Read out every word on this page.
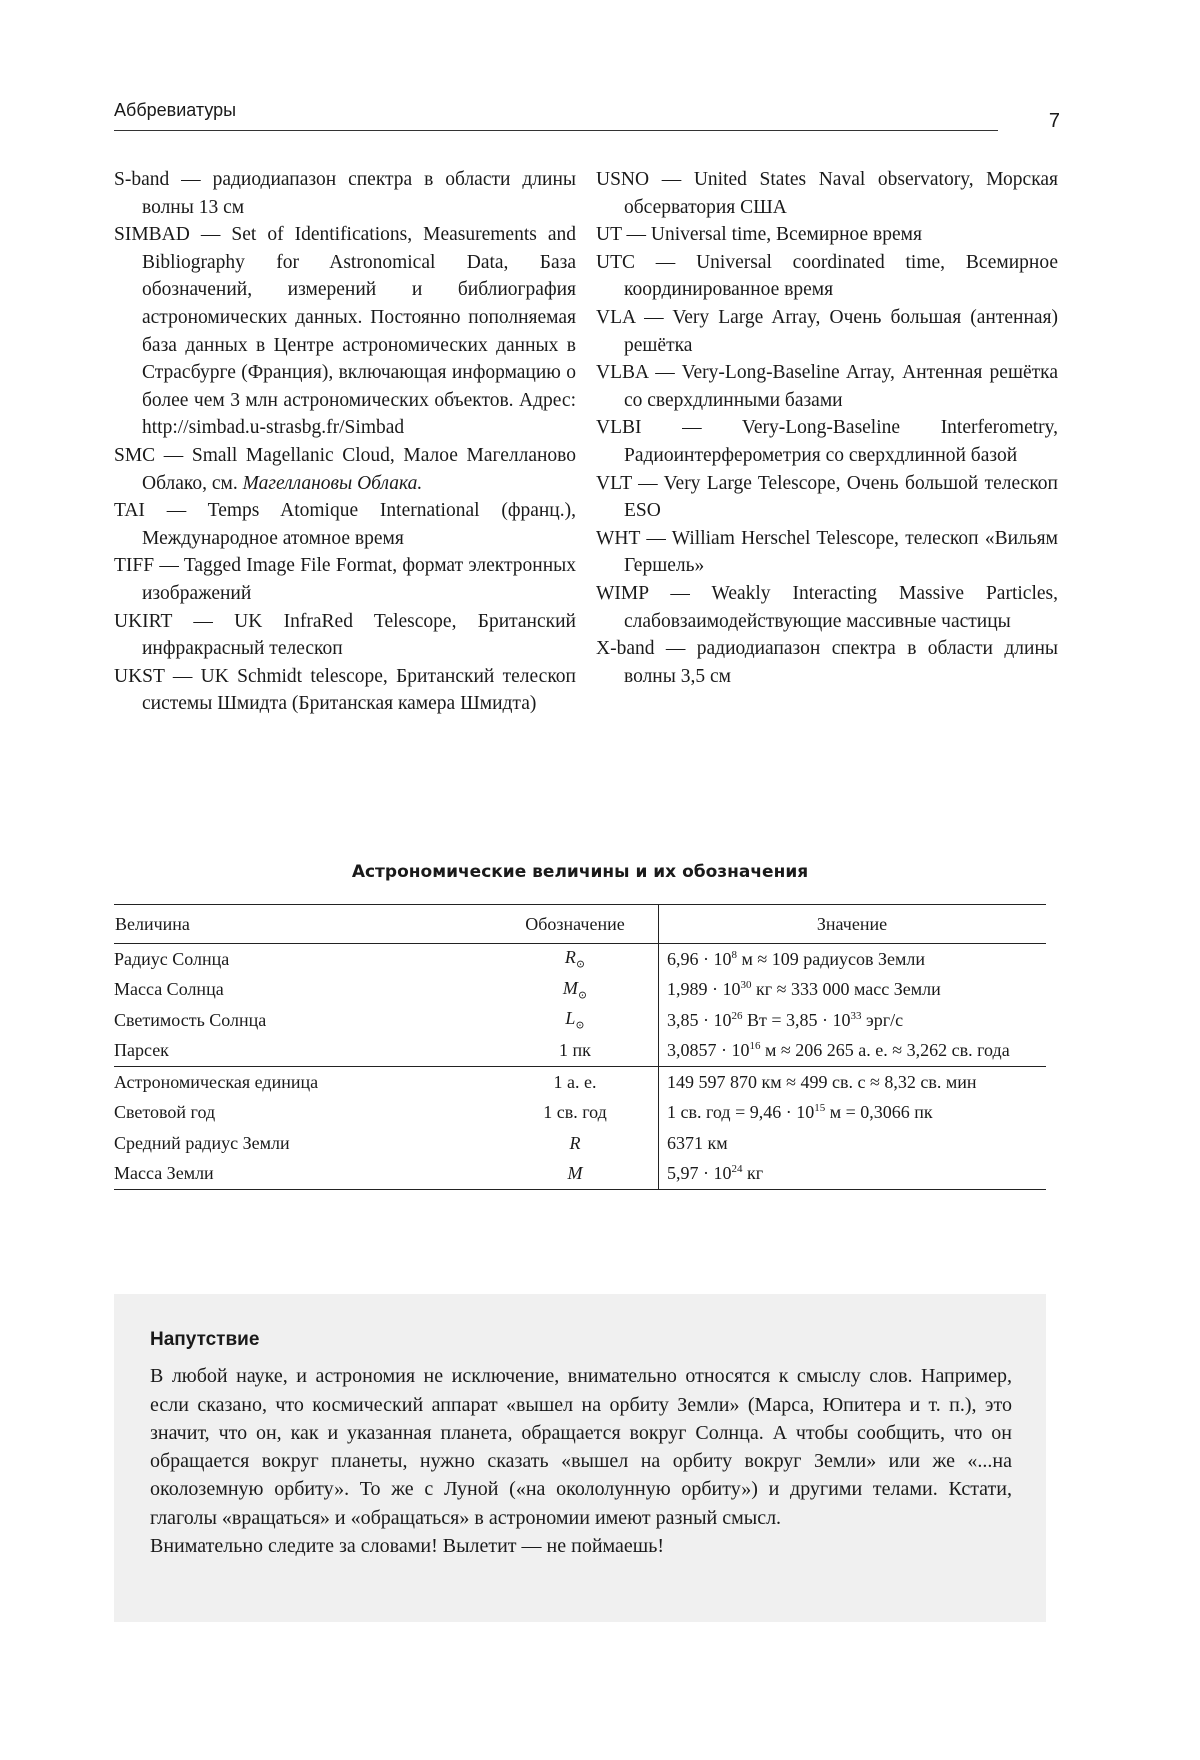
Аббревиатуры	7

S-band — радиодиапазон спектра в области длины волны 13 см

SIMBAD — Set of Identifications, Measurements and Bibliography for Astronomical Data, База обозначений, измерений и библиография астрономических данных. Постоянно пополняемая база данных в Центре астрономических данных в Страсбурге (Франция), включающая информацию о более чем 3 млн астрономических объектов. Адрес: http://simbad.u-strasbg.fr/Simbad

SMC — Small Magellanic Cloud, Малое Магелланово Облако, см. Магеллановы Облака.

TAI — Temps Atomique International (франц.), Международное атомное время

TIFF — Tagged Image File Format, формат электронных изображений

UKIRT — UK InfraRed Telescope, Британский инфракрасный телескоп

UKST — UK Schmidt telescope, Британский телескоп системы Шмидта (Британская камера Шмидта)

USNO — United States Naval observatory, Морская обсерватория США

UT — Universal time, Всемирное время

UTC — Universal coordinated time, Всемирное координированное время

VLA — Very Large Array, Очень большая (антенная) решётка

VLBA — Very-Long-Baseline Array, Антенная решётка со сверхдлинными базами

VLBI — Very-Long-Baseline Interferometry, Радиоинтерферометрия со сверхдлинной базой

VLT — Very Large Telescope, Очень большой телескоп ESO

WHT — William Herschel Telescope, телескоп «Вильям Гершель»

WIMP — Weakly Interacting Massive Particles, слабовзаимодействующие массивные частицы

X-band — радиодиапазон спектра в области длины волны 3,5 см

Астрономические величины и их обозначения
Величина	Обозначение	Значение
Радиус Солнца	$R_⊙$	$6,96 \cdot 10^8$ м ≈ 109 радиусов Земли
Масса Солнца	$M_⊙$	$1,989 \cdot 10^{30}$ кг ≈ 333 000 масс Земли
Светимость Солнца	$L_⊙$	$3,85 \cdot 10^{26}$ Вт = $3,85 \cdot 10^{33}$ эрг/с
Парсек	1 пк	$3,0857 \cdot 10^{16}$ м ≈ 206 265 а. е. ≈ 3,262 св. года
Астрономическая единица	1 а. е.	149 597 870 км ≈ 499 св. с ≈ 8,32 св. мин
Световой год	1 св. год	1 св. год = $9,46 \cdot 10^{15}$ м = 0,3066 пк
Средний радиус Земли	R	6371 км
Масса Земли	M	$5,97 \cdot 10^{24}$ кг
Напутствие

В любой науке, и астрономия не исключение, внимательно относятся к смыслу слов. Например, если сказано, что космический аппарат «вышел на орбиту Земли» (Марса, Юпитера и т. п.), это значит, что он, как и указанная планета, обращается вокруг Солнца. А чтобы сообщить, что он обращается вокруг планеты, нужно сказать «вышел на орбиту вокруг Земли» или же «...на околоземную орбиту». То же с Луной («на окололунную орбиту») и другими телами. Кстати, глаголы «вращаться» и «обращаться» в астрономии имеют разный смысл.

Внимательно следите за словами! Вылетит — не поймаешь!
